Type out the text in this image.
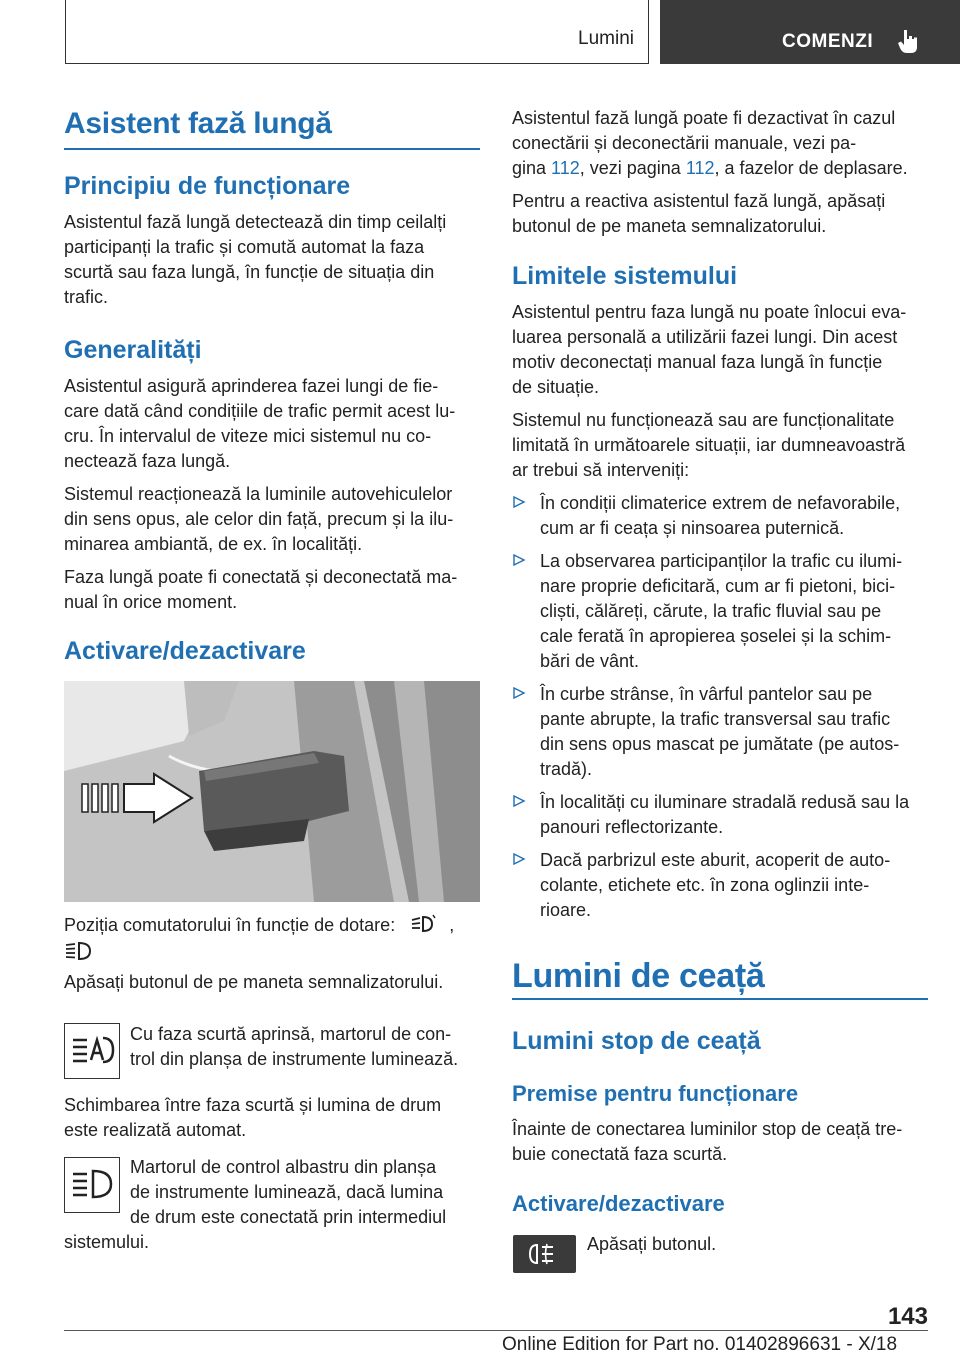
Lumini	COMENZI
Asistent fază lungă
Principiu de funcționare

Asistentul fază lungă detectează din timp ceilalți

participanți la trafic și comută automat la faza

scurtă sau faza lungă, în funcție de situația din

trafic.

Generalități

Asistentul asigură aprinderea fazei lungi de fie-

care dată când condițiile de trafic permit acest lu-

cru. În intervalul de viteze mici sistemul nu co-

nectează faza lungă.

Sistemul reacționează la luminile autovehiculelor

din sens opus, ale celor din față, precum și la ilu-

minarea ambiantă, de ex. în localități.

Faza lungă poate fi conectată și deconectată ma-

nual în orice moment.

Activare/dezactivare

Poziția comutatorului în funcție de dotare:	,

Apăsați butonul de pe maneta semnalizatorului.

Cu faza scurtă aprinsă, martorul de con-

trol din planșa de instrumente luminează.

Schimbarea între faza scurtă și lumina de drum

este realizată automat.

Martorul de control albastru din planșa

de instrumente luminează, dacă lumina

de drum este conectată prin intermediul

sistemului.

Asistentul fază lungă poate fi dezactivat în cazul

conectării și deconectării manuale, vezi pa-

gina 112, vezi pagina 112, a fazelor de deplasare.

Pentru a reactiva asistentul fază lungă, apăsați

butonul de pe maneta semnalizatorului.

Limitele sistemului

Asistentul pentru faza lungă nu poate înlocui eva-

luarea personală a utilizării fazei lungi. Din acest

motiv deconectați manual faza lungă în funcție

de situație.

Sistemul nu funcționează sau are funcționalitate

limitată în următoarele situații, iar dumneavoastră

ar trebui să interveniți:

În condiții climaterice extrem de nefavorabile,

cum ar fi ceața și ninsoarea puternică.

La observarea participanților la trafic cu ilumi-

nare proprie deficitară, cum ar fi pietoni, bici-

cliști, călăreți, cărute, la trafic fluvial sau pe

cale ferată în apropierea șoselei și la schim-

bări de vânt.

În curbe strânse, în vârful pantelor sau pe

pante abrupte, la trafic transversal sau trafic

din sens opus mascat pe jumătate (pe autos-

tradă).

În localități cu iluminare stradală redusă sau la

panouri reflectorizante.

Dacă parbrizul este aburit, acoperit de auto-

colante, etichete etc. în zona oglinzii inte-

rioare.

Lumini de ceață
Lumini stop de ceață
Premise pentru funcționare

Înainte de conectarea luminilor stop de ceață tre-

buie conectată faza scurtă.

Activare/dezactivare

Apăsați butonul.

143
Online Edition for Part no. 01402896631 - X/18
